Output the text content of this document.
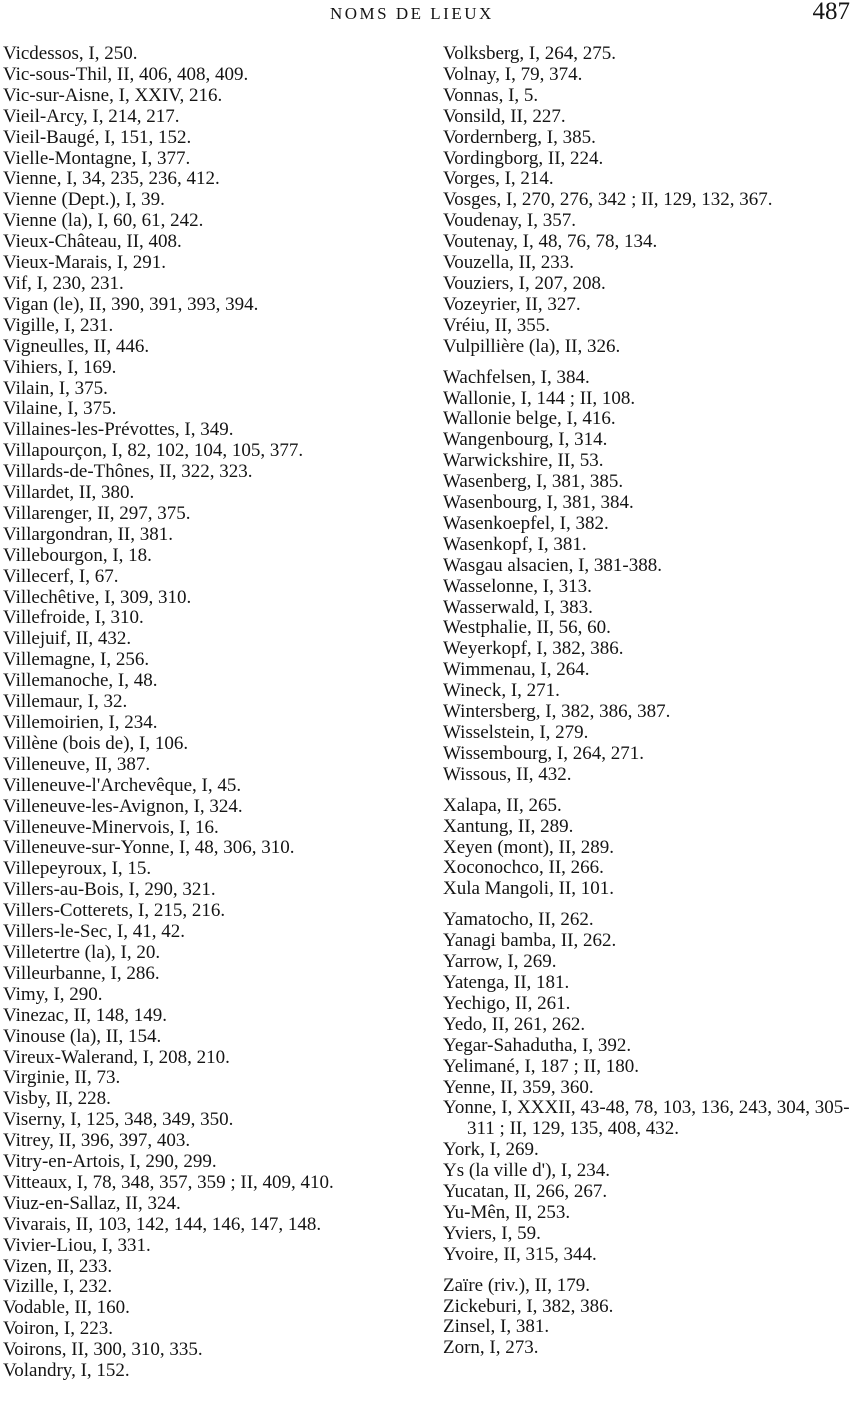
NOMS DE LIEUX	487
Vicdessos, I, 250.
Vic-sous-Thil, II, 406, 408, 409.
Vic-sur-Aisne, I, XXIV, 216.
Vieil-Arcy, I, 214, 217.
Vieil-Baugé, I, 151, 152.
Vielle-Montagne, I, 377.
Vienne, I, 34, 235, 236, 412.
Vienne (Dept.), I, 39.
Vienne (la), I, 60, 61, 242.
Vieux-Château, II, 408.
Vieux-Marais, I, 291.
Vif, I, 230, 231.
Vigan (le), II, 390, 391, 393, 394.
Vigille, I, 231.
Vigneulles, II, 446.
Vihiers, I, 169.
Vilain, I, 375.
Vilaine, I, 375.
Villaines-les-Prévottes, I, 349.
Villapourçon, I, 82, 102, 104, 105, 377.
Villards-de-Thônes, II, 322, 323.
Villardet, II, 380.
Villarenger, II, 297, 375.
Villargondran, II, 381.
Villebourgon, I, 18.
Villecerf, I, 67.
Villechêtive, I, 309, 310.
Villefroide, I, 310.
Villejuif, II, 432.
Villemagne, I, 256.
Villemanoche, I, 48.
Villemaur, I, 32.
Villemoirien, I, 234.
Villène (bois de), I, 106.
Villeneuve, II, 387.
Villeneuve-l'Archevêque, I, 45.
Villeneuve-les-Avignon, I, 324.
Villeneuve-Minervois, I, 16.
Villeneuve-sur-Yonne, I, 48, 306, 310.
Villepeyroux, I, 15.
Villers-au-Bois, I, 290, 321.
Villers-Cotterets, I, 215, 216.
Villers-le-Sec, I, 41, 42.
Villetertre (la), I, 20.
Villeurbanne, I, 286.
Vimy, I, 290.
Vinezac, II, 148, 149.
Vinouse (la), II, 154.
Vireux-Walerand, I, 208, 210.
Virginie, II, 73.
Visby, II, 228.
Viserny, I, 125, 348, 349, 350.
Vitrey, II, 396, 397, 403.
Vitry-en-Artois, I, 290, 299.
Vitteaux, I, 78, 348, 357, 359 ; II, 409, 410.
Viuz-en-Sallaz, II, 324.
Vivarais, II, 103, 142, 144, 146, 147, 148.
Vivier-Liou, I, 331.
Vizen, II, 233.
Vizille, I, 232.
Vodable, II, 160.
Voiron, I, 223.
Voirons, II, 300, 310, 335.
Volandry, I, 152.
Volksberg, I, 264, 275.
Volnay, I, 79, 374.
Vonnas, I, 5.
Vonsild, II, 227.
Vordernberg, I, 385.
Vordingborg, II, 224.
Vorges, I, 214.
Vosges, I, 270, 276, 342 ; II, 129, 132, 367.
Voudenay, I, 357.
Voutenay, I, 48, 76, 78, 134.
Vouzella, II, 233.
Vouziers, I, 207, 208.
Vozeyrier, II, 327.
Vréiu, II, 355.
Vulpillière (la), II, 326.
Wachfelsen, I, 384.
Wallonie, I, 144 ; II, 108.
Wallonie belge, I, 416.
Wangenbourg, I, 314.
Warwickshire, II, 53.
Wasenberg, I, 381, 385.
Wasenbourg, I, 381, 384.
Wasenkoepfel, I, 382.
Wasenkopf, I, 381.
Wasgau alsacien, I, 381-388.
Wasselonne, I, 313.
Wasserwald, I, 383.
Westphalie, II, 56, 60.
Weyerkopf, I, 382, 386.
Wimmenau, I, 264.
Wineck, I, 271.
Wintersberg, I, 382, 386, 387.
Wisselstein, I, 279.
Wissembourg, I, 264, 271.
Wissous, II, 432.
Xalapa, II, 265.
Xantung, II, 289.
Xeyen (mont), II, 289.
Xoconochco, II, 266.
Xula Mangoli, II, 101.
Yamatocho, II, 262.
Yanagi bamba, II, 262.
Yarrow, I, 269.
Yatenga, II, 181.
Yechigo, II, 261.
Yedo, II, 261, 262.
Yegar-Sahadutha, I, 392.
Yelimané, I, 187 ; II, 180.
Yenne, II, 359, 360.
Yonne, I, XXXII, 43-48, 78, 103, 136, 243, 304, 305-311 ; II, 129, 135, 408, 432.
York, I, 269.
Ys (la ville d'), I, 234.
Yucatan, II, 266, 267.
Yu-Mên, II, 253.
Yviers, I, 59.
Yvoire, II, 315, 344.
Zaïre (riv.), II, 179.
Zickeburi, I, 382, 386.
Zinsel, I, 381.
Zorn, I, 273.
